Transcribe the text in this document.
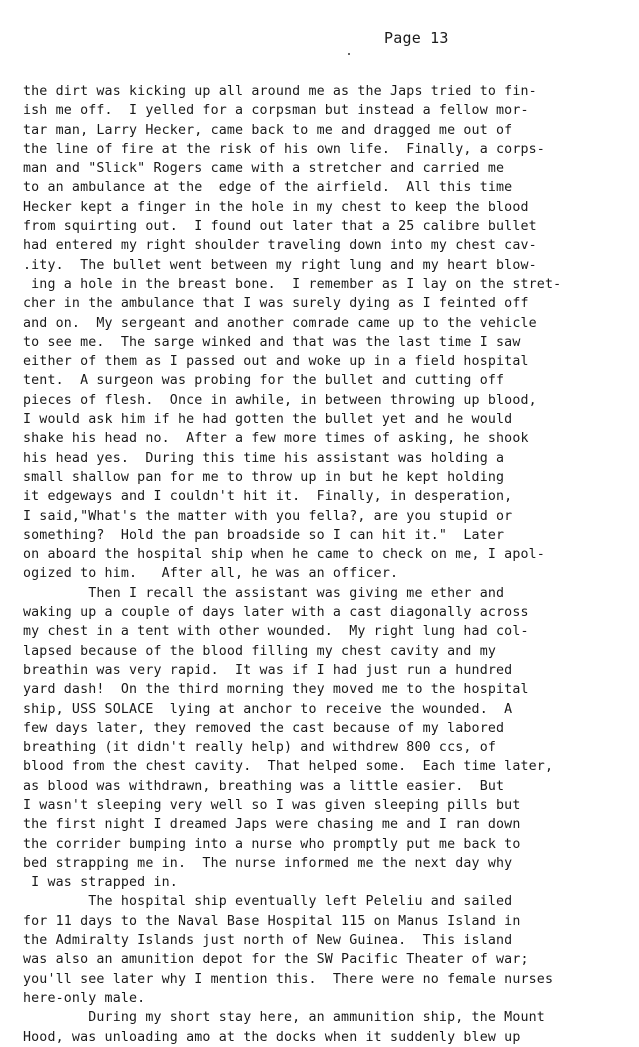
Page 13
the dirt was kicking up all around me as the Japs tried to fin-
ish me off.  I yelled for a corpsman but instead a fellow mor-
tar man, Larry Hecker, came back to me and dragged me out of
the line of fire at the risk of his own life.  Finally, a corps-
man and "Slick" Rogers came with a stretcher and carried me
to an ambulance at the  edge of the airfield.  All this time
Hecker kept a finger in the hole in my chest to keep the blood
from squirting out.  I found out later that a 25 calibre bullet
had entered my right shoulder traveling down into my chest cav-
.ity.  The bullet went between my right lung and my heart blow-
ing a hole in the breast bone.  I remember as I lay on the stret-
cher in the ambulance that I was surely dying as I feinted off
and on.  My sergeant and another comrade came up to the vehicle
to see me.  The sarge winked and that was the last time I saw
either of them as I passed out and woke up in a field hospital
tent.  A surgeon was probing for the bullet and cutting off
pieces of flesh.  Once in awhile, in between throwing up blood,
I would ask him if he had gotten the bullet yet and he would
shake his head no.  After a few more times of asking, he shook
his head yes.  During this time his assistant was holding a
small shallow pan for me to throw up in but he kept holding
it edgeways and I couldn't hit it.  Finally, in desperation,
I said,"What's the matter with you fella?, are you stupid or
something?  Hold the pan broadside so I can hit it."  Later
on aboard the hospital ship when he came to check on me, I apol-
ogized to him.   After all, he was an officer.
Then I recall the assistant was giving me ether and
waking up a couple of days later with a cast diagonally across
my chest in a tent with other wounded.  My right lung had col-
lapsed because of the blood filling my chest cavity and my
breathin was very rapid.  It was if I had just run a hundred
yard dash!  On the third morning they moved me to the hospital
ship, USS SOLACE  lying at anchor to receive the wounded.  A
few days later, they removed the cast because of my labored
breathing (it didn't really help) and withdrew 800 ccs, of
blood from the chest cavity.  That helped some.  Each time later,
as blood was withdrawn, breathing was a little easier.  But
I wasn't sleeping very well so I was given sleeping pills but
the first night I dreamed Japs were chasing me and I ran down
the corrider bumping into a nurse who promptly put me back to
bed strapping me in.  The nurse informed me the next day why
I was strapped in.
The hospital ship eventually left Peleliu and sailed
for 11 days to the Naval Base Hospital 115 on Manus Island in
the Admiralty Islands just north of New Guinea.  This island
was also an amunition depot for the SW Pacific Theater of war;
you'll see later why I mention this.  There were no female nurses
here-only male.
During my short stay here, an ammunition ship, the Mount
Hood, was unloading amo at the docks when it suddenly blew up
